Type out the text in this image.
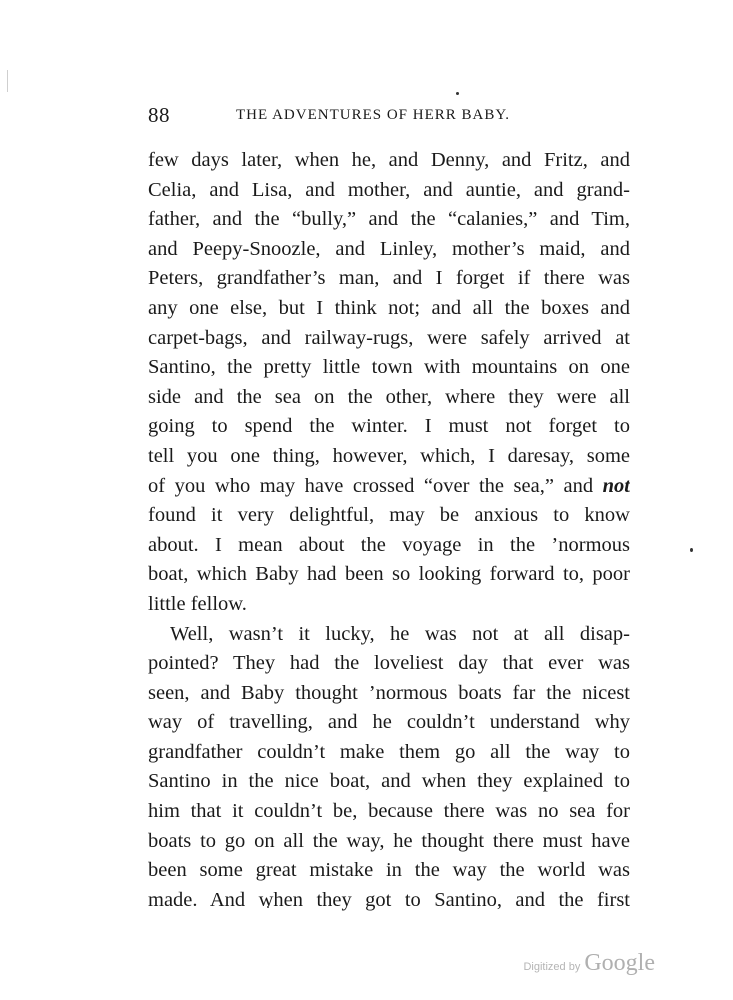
88	THE ADVENTURES OF HERR BABY.
few days later, when he, and Denny, and Fritz, and
Celia, and Lisa, and mother, and auntie, and grand-
father, and the “bully,” and the “calanies,” and Tim,
and Peepy-Snoozle, and Linley, mother’s maid, and
Peters, grandfather’s man, and I forget if there was
any one else, but I think not; and all the boxes and
carpet-bags, and railway-rugs, were safely arrived at
Santino, the pretty little town with mountains on one
side and the sea on the other, where they were all
going to spend the winter. I must not forget to
tell you one thing, however, which, I daresay, some
of you who may have crossed “over the sea,” and not
found it very delightful, may be anxious to know
about. I mean about the voyage in the ’normous
boat, which Baby had been so looking forward to, poor
little fellow.
Well, wasn’t it lucky, he was not at all disap-
pointed? They had the loveliest day that ever was
seen, and Baby thought ’normous boats far the nicest
way of travelling, and he couldn’t understand why
grandfather couldn’t make them go all the way to
Santino in the nice boat, and when they explained to
him that it couldn’t be, because there was no sea for
boats to go on all the way, he thought there must have
been some great mistake in the way the world was
made. And when they got to Santino, and the first
Digitized by Google
